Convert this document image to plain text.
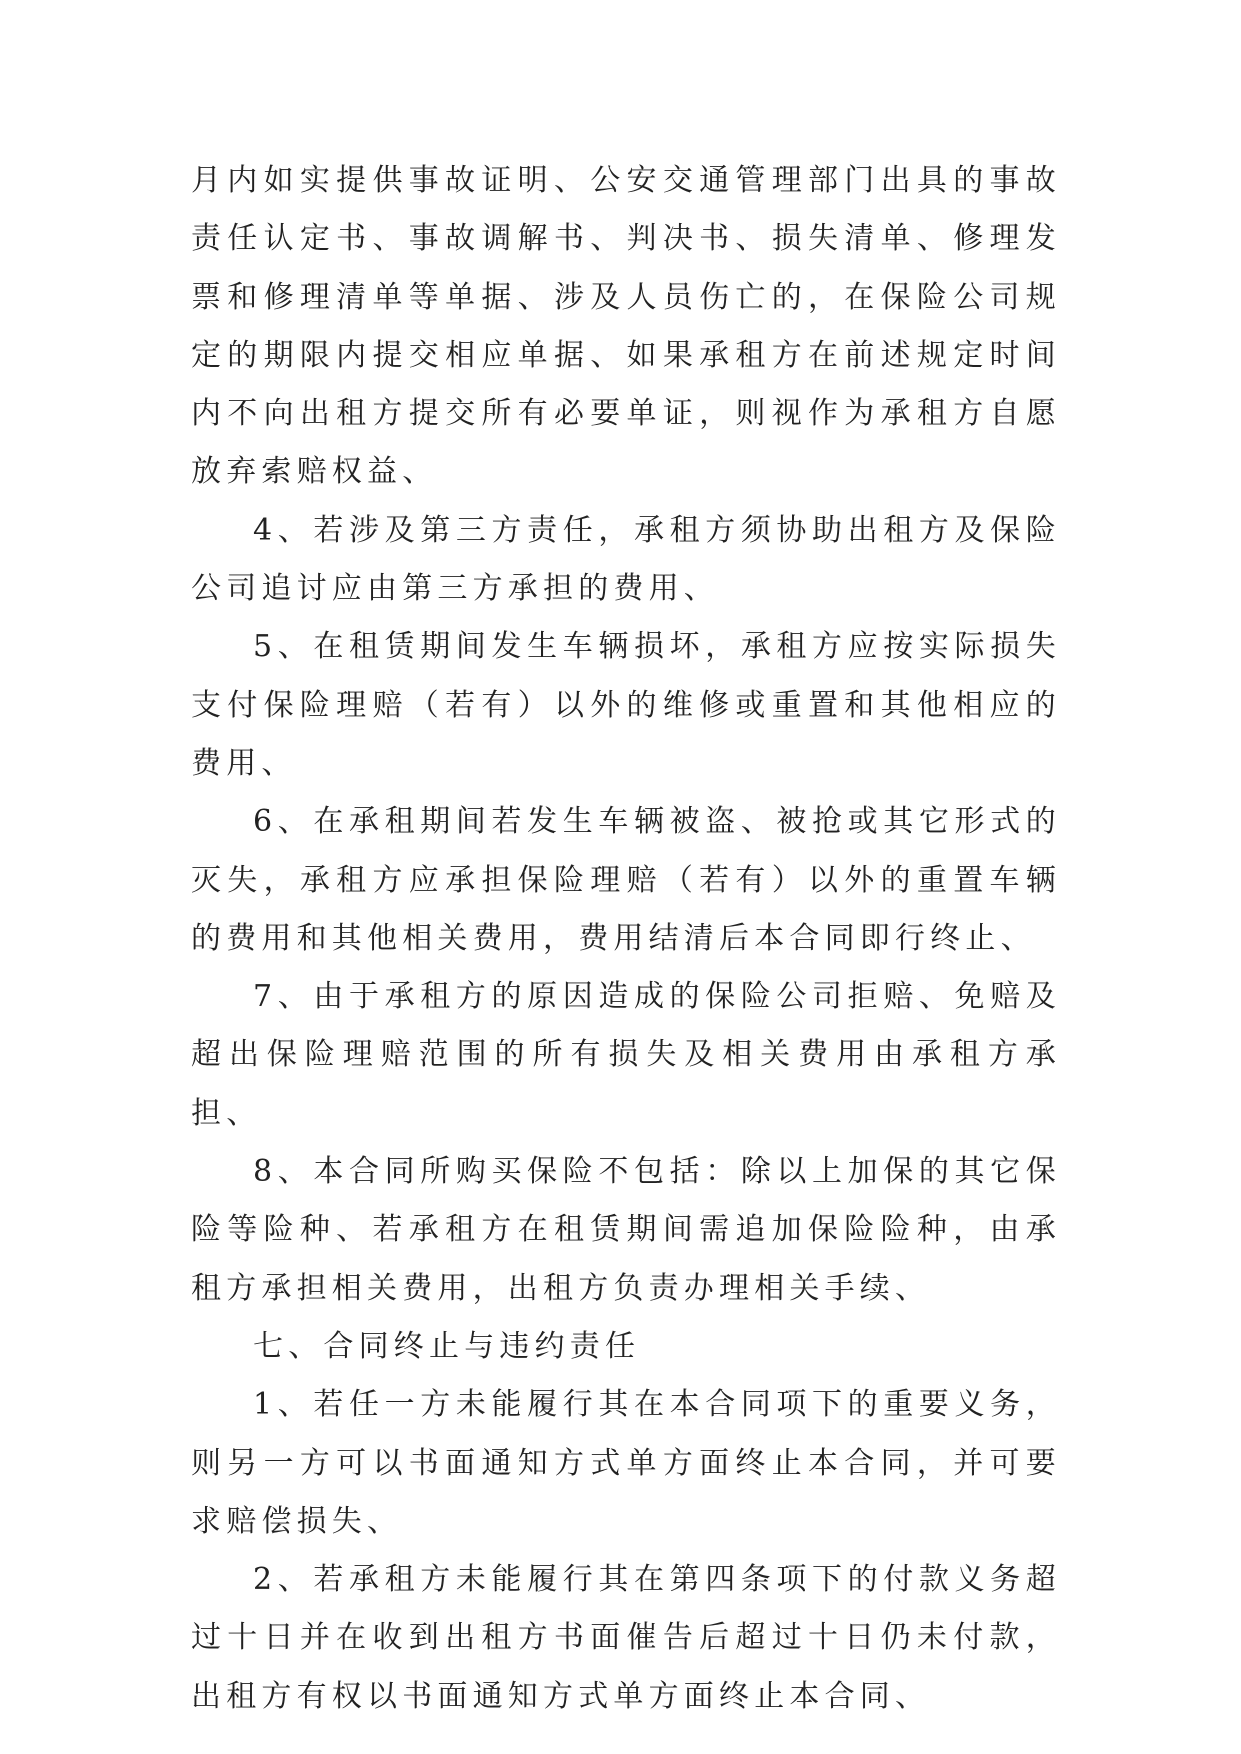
月内如实提供事故证明、公安交通管理部门出具的事故责任认定书、事故调解书、判决书、损失清单、修理发票和修理清单等单据、涉及人员伤亡的，在保险公司规定的期限内提交相应单据、如果承租方在前述规定时间内不向出租方提交所有必要单证，则视作为承租方自愿放弃索赔权益、

4、若涉及第三方责任，承租方须协助出租方及保险公司追讨应由第三方承担的费用、

5、在租赁期间发生车辆损坏，承租方应按实际损失支付保险理赔（若有）以外的维修或重置和其他相应的费用、

6、在承租期间若发生车辆被盗、被抢或其它形式的灭失，承租方应承担保险理赔（若有）以外的重置车辆的费用和其他相关费用，费用结清后本合同即行终止、

7、由于承租方的原因造成的保险公司拒赔、免赔及超出保险理赔范围的所有损失及相关费用由承租方承担、

8、本合同所购买保险不包括：除以上加保的其它保险等险种、若承租方在租赁期间需追加保险险种，由承租方承担相关费用，出租方负责办理相关手续、

七、合同终止与违约责任

1、若任一方未能履行其在本合同项下的重要义务，则另一方可以书面通知方式单方面终止本合同，并可要求赔偿损失、

2、若承租方未能履行其在第四条项下的付款义务超过十日并在收到出租方书面催告后超过十日仍未付款，出租方有权以书面通知方式单方面终止本合同、
